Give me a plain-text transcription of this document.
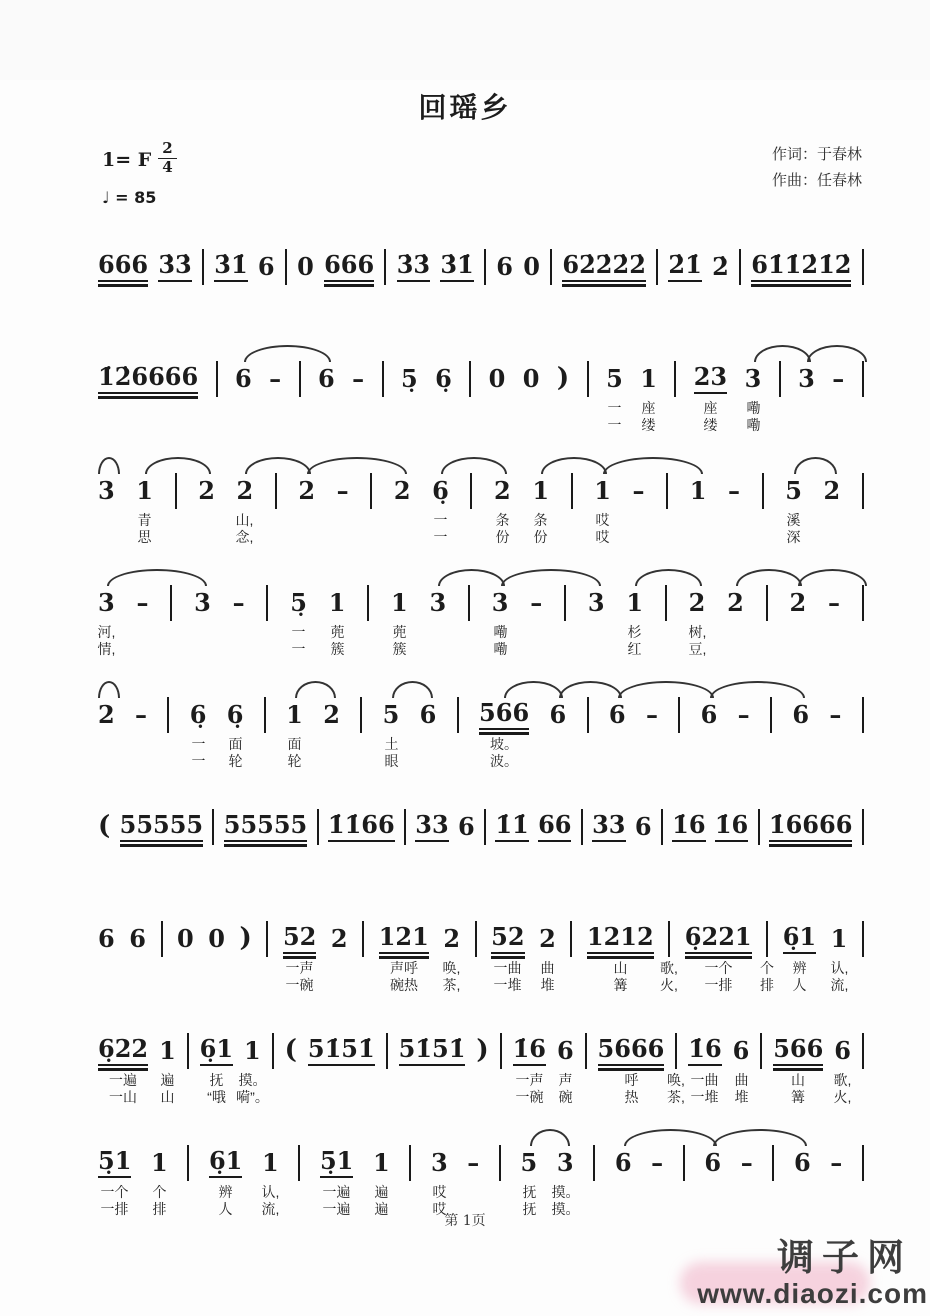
回瑶乡
1= F $\frac{2}{4}$
♩ = 85
作词：于春林
作曲：任春林
666 3̇3̇ 3̇1̇ 6 0 666 3̇3̇ 3̇1̇ 6 0 62̇2̇2̇2̇ 2̇1̇ 2̇ 61̇1̇2̇1̇2̇
1̇2̇6666 6 – 6 – 5̣ 6̣ 0 0 ) 5 1 23 3 3 –
一 座	座 嘞
一 缕	缕 嘞
3 1 2 2 2 – 2 6̣ 2 1 1 – 1 – 5 2
青	山,	一	条 条	哎	溪
思	念,	一	份 份	哎	深
3 – 3 – 5̣ 1 1 3 3 – 3 1 2 2 2 –
河,	一 蔸	蔸	嘞	杉	树,
情,	一 簇	簇	嘞	红	豆,
2 – 6̣ 6̣ 1 2 5 6 566 6 6 – 6 – 6 –
一 面	面	土	坡。
一 轮	轮	眼	波。
( 55555 55555 1̇1̇66 33 6 1̇1̇ 66 33 6 1̇6 1̇6 1̇6666
6 6 0 0 ) 52 2 121 2 52 2 1212 6̣221 6̣1 1
一声	声呼 唤, 一曲 曲	山 歌, 一个 个 辨 认,
一碗	碗热 茶, 一堆 堆	篝 火, 一排 排 人 流,
6̣22 1 6̣1 1 ( 51̇51̇ 51̇51̇ ) 1̇6 6 5666 1̇6 6 566 6
一遍 遍	抚 摸。	一声 声	呼 唤, 一曲 曲	山 歌,
一山 山 “哦 嗬”。	一碗 碗	热 茶, 一堆 堆	篝 火,
5̣1 1 6̣1 1 5̣1 1 3 – 5 3 6 – 6 – 6 –
一个 个	辨 认,	一遍 遍	哎	抚 摸。
一排 排	人 流,	一遍 遍	哎	抚 摸。
第 1页
调子网
www.diaozi.com
